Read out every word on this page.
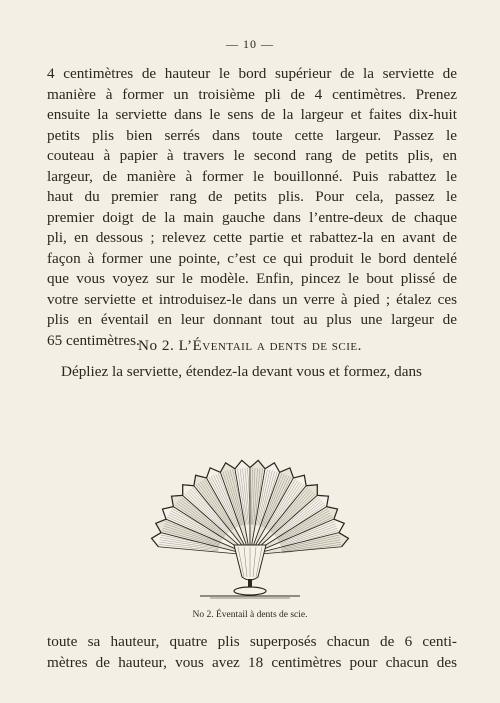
— 10 —
4 centimètres de hauteur le bord supérieur de la serviette de
manière à former un troisième pli de 4 centimètres. Prenez
ensuite la serviette dans le sens de la largeur et faites dix-huit
petits plis bien serrés dans toute cette largeur. Passez le
couteau à papier à travers le second rang de petits plis, en
largeur, de manière à former le bouillonné. Puis rabattez le
haut du premier rang de petits plis. Pour cela, passez le
premier doigt de la main gauche dans l’entre-deux de chaque
pli, en dessous ; relevez cette partie et rabattez-la en avant de
façon à former une pointe, c’est ce qui produit le bord dentelé
que vous voyez sur le modèle. Enfin, pincez le bout plissé de
votre serviette et introduisez-le dans un verre à pied ; étalez ces
plis en éventail en leur donnant tout au plus une largeur de
65 centimètres.
No 2. L’Éventail a dents de scie.
Dépliez la serviette, étendez-la devant vous et formez, dans
No 2. Éventail à dents de scie.
toute sa hauteur, quatre plis superposés chacun de 6 centi-
mètres de hauteur, vous avez 18 centimètres pour chacun des
